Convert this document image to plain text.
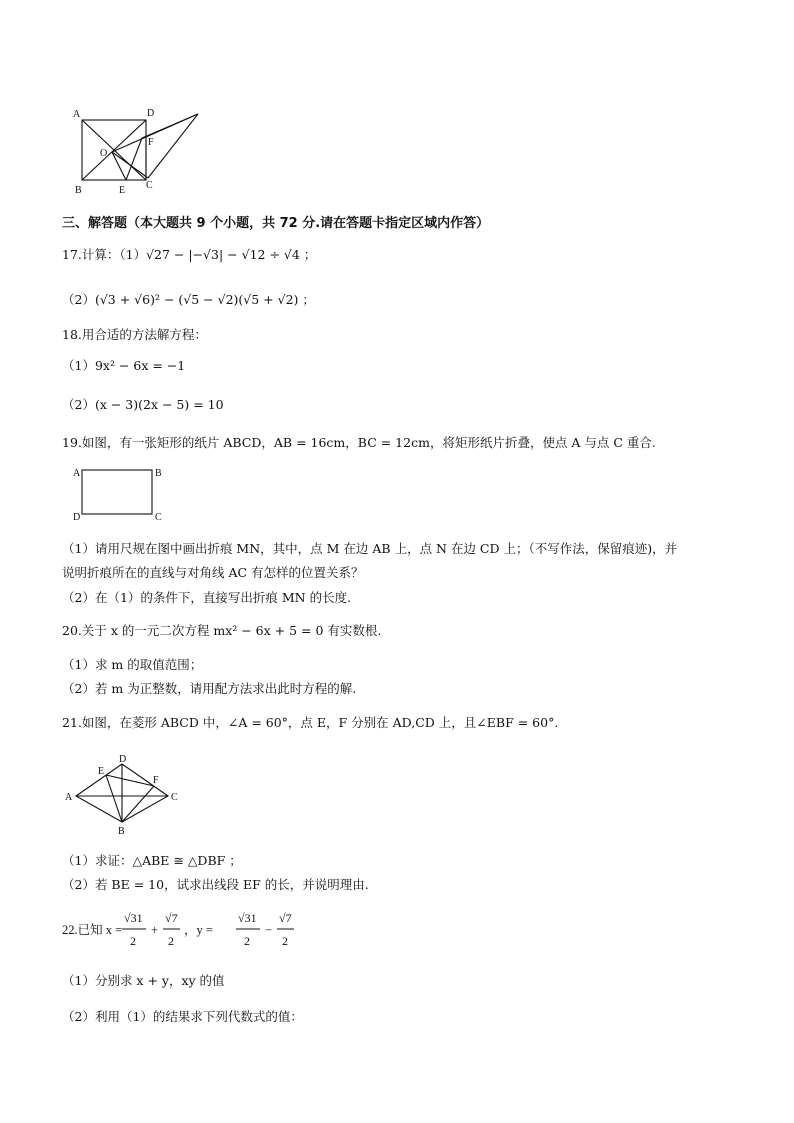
A	D
O
F
B	E C
三、解答题（本大题共 9 个小题，共 72 分.请在答题卡指定区域内作答）
17.计算：（1）√27 − |−√3| − √12 ÷ √4 ；
（2）(√3 + √6)² − (√5 − √2)(√5 + √2) ；
18.用合适的方法解方程：
（1）9x² − 6x = −1
（2）(x − 3)(2x − 5) = 10
19.如图，有一张矩形的纸片 ABCD，AB = 16cm，BC = 12cm，将矩形纸片折叠，使点 A 与点 C 重合.
A	B
D	C
（1）请用尺规在图中画出折痕 MN，其中，点 M 在边 AB 上，点 N 在边 CD 上；（不写作法，保留痕迹)，并
说明折痕所在的直线与对角线 AC 有怎样的位置关系？
（2）在（1）的条件下，直接写出折痕 MN 的长度.
20.关于 x 的一元二次方程 mx² − 6x + 5 = 0 有实数根.
（1）求 m 的取值范围；
（2）若 m 为正整数，请用配方法求出此时方程的解.
21.如图，在菱形 ABCD 中，∠A = 60°，点 E，F 分别在 AD,CD 上，且∠EBF = 60°.
E
D
F
A	C
B
（1）求证：△ABE ≅ △DBF ；
（2）若 BE = 10，试求出线段 EF 的长，并说明理由.
22.已知 x =
√31
2
+
√7
2
，y =
√31
2
−
√7
2
（1）分别求 x + y，xy 的值
（2）利用（1）的结果求下列代数式的值：
